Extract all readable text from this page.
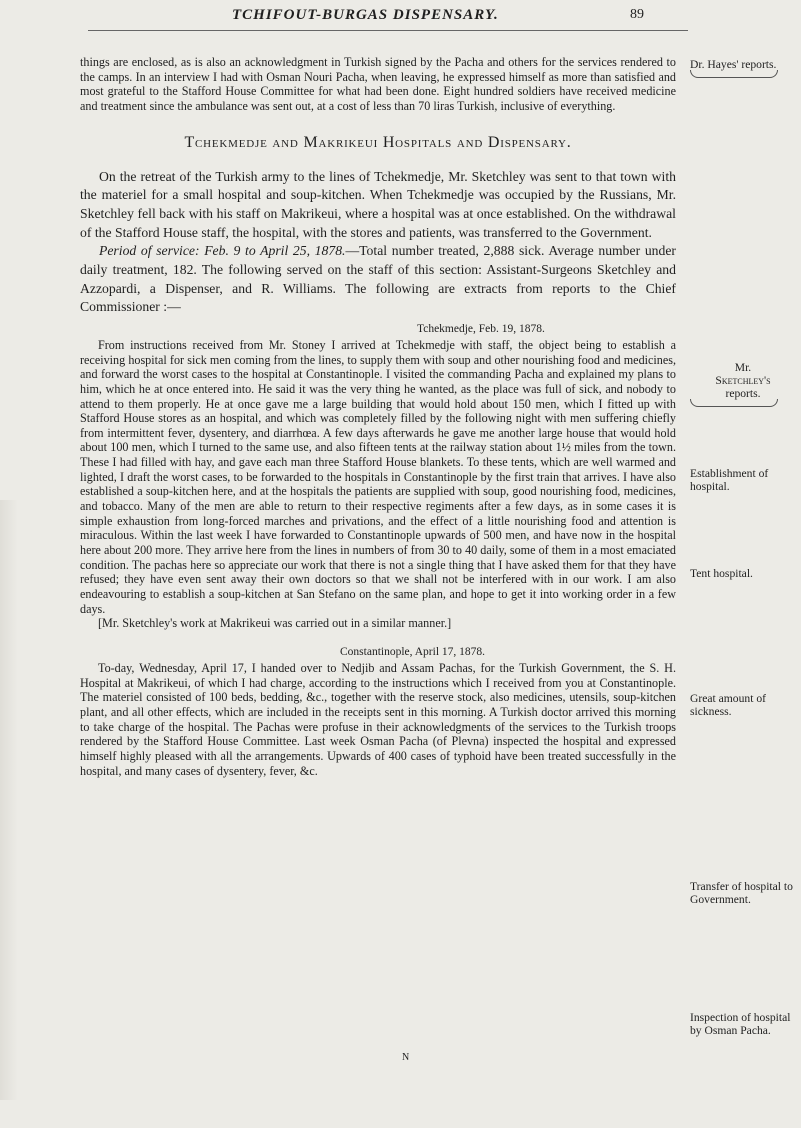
TCHIFOUT-BURGAS DISPENSARY.	89

things are enclosed, as is also an acknowledgment in Turkish signed by the Pacha and others for the services rendered to the camps. In an interview I had with Osman Nouri Pacha, when leaving, he expressed himself as more than satisfied and most grateful to the Stafford House Committee for what had been done. Eight hundred soldiers have received medicine and treatment since the ambulance was sent out, at a cost of less than 70 liras Turkish, inclusive of everything.

Tchekmedje and Makrikeui Hospitals and Dispensary.

On the retreat of the Turkish army to the lines of Tchekmedje, Mr. Sketchley was sent to that town with the materiel for a small hospital and soup-kitchen. When Tchekmedje was occupied by the Russians, Mr. Sketchley fell back with his staff on Makrikeui, where a hospital was at once established. On the withdrawal of the Stafford House staff, the hospital, with the stores and patients, was transferred to the Government.

Period of service: Feb. 9 to April 25, 1878.—Total number treated, 2,888 sick. Average number under daily treatment, 182. The following served on the staff of this section: Assistant-Surgeons Sketchley and Azzopardi, a Dispenser, and R. Williams. The following are extracts from reports to the Chief Commissioner :—

Tchekmedje, Feb. 19, 1878.

From instructions received from Mr. Stoney I arrived at Tchekmedje with staff, the object being to establish a receiving hospital for sick men coming from the lines, to supply them with soup and other nourishing food and medicines, and forward the worst cases to the hospital at Constantinople. I visited the commanding Pacha and explained my plans to him, which he at once entered into. He said it was the very thing he wanted, as the place was full of sick, and nobody to attend to them properly. He at once gave me a large building that would hold about 150 men, which I fitted up with Stafford House stores as an hospital, and which was completely filled by the following night with men suffering chiefly from intermittent fever, dysentery, and diarrhœa. A few days afterwards he gave me another large house that would hold about 100 men, which I turned to the same use, and also fifteen tents at the railway station about 1½ miles from the town. These I had filled with hay, and gave each man three Stafford House blankets. To these tents, which are well warmed and lighted, I draft the worst cases, to be forwarded to the hospitals in Constantinople by the first train that arrives. I have also established a soup-kitchen here, and at the hospitals the patients are supplied with soup, good nourishing food, medicines, and tobacco. Many of the men are able to return to their respective regiments after a few days, as in some cases it is simple exhaustion from long-forced marches and privations, and the effect of a little nourishing food and attention is miraculous. Within the last week I have forwarded to Constantinople upwards of 500 men, and have now in the hospital here about 200 more. They arrive here from the lines in numbers of from 30 to 40 daily, some of them in a most emaciated condition. The pachas here so appreciate our work that there is not a single thing that I have asked them for that they have refused; they have even sent away their own doctors so that we shall not be interfered with in our work. I am also endeavouring to establish a soup-kitchen at San Stefano on the same plan, and hope to get it into working order in a few days.

[Mr. Sketchley's work at Makrikeui was carried out in a similar manner.]

Constantinople, April 17, 1878.

To-day, Wednesday, April 17, I handed over to Nedjib and Assam Pachas, for the Turkish Government, the S. H. Hospital at Makrikeui, of which I had charge, according to the instructions which I received from you at Constantinople. The materiel consisted of 100 beds, bedding, &c., together with the reserve stock, also medicines, utensils, soup-kitchen plant, and all other effects, which are included in the receipts sent in this morning. A Turkish doctor arrived this morning to take charge of the hospital. The Pachas were profuse in their acknowledgments of the services to the Turkish troops rendered by the Stafford House Committee. Last week Osman Pacha (of Plevna) inspected the hospital and expressed himself highly pleased with all the arrangements. Upwards of 400 cases of typhoid have been treated successfully in the hospital, and many cases of dysentery, fever, &c.

Dr. Hayes' reports.
Mr.
Sketchley's
reports.
Establishment of hospital.
Tent hospital.
Great amount of sickness.
Transfer of hospital to Government.
Inspection of hospital by Osman Pacha.
N
